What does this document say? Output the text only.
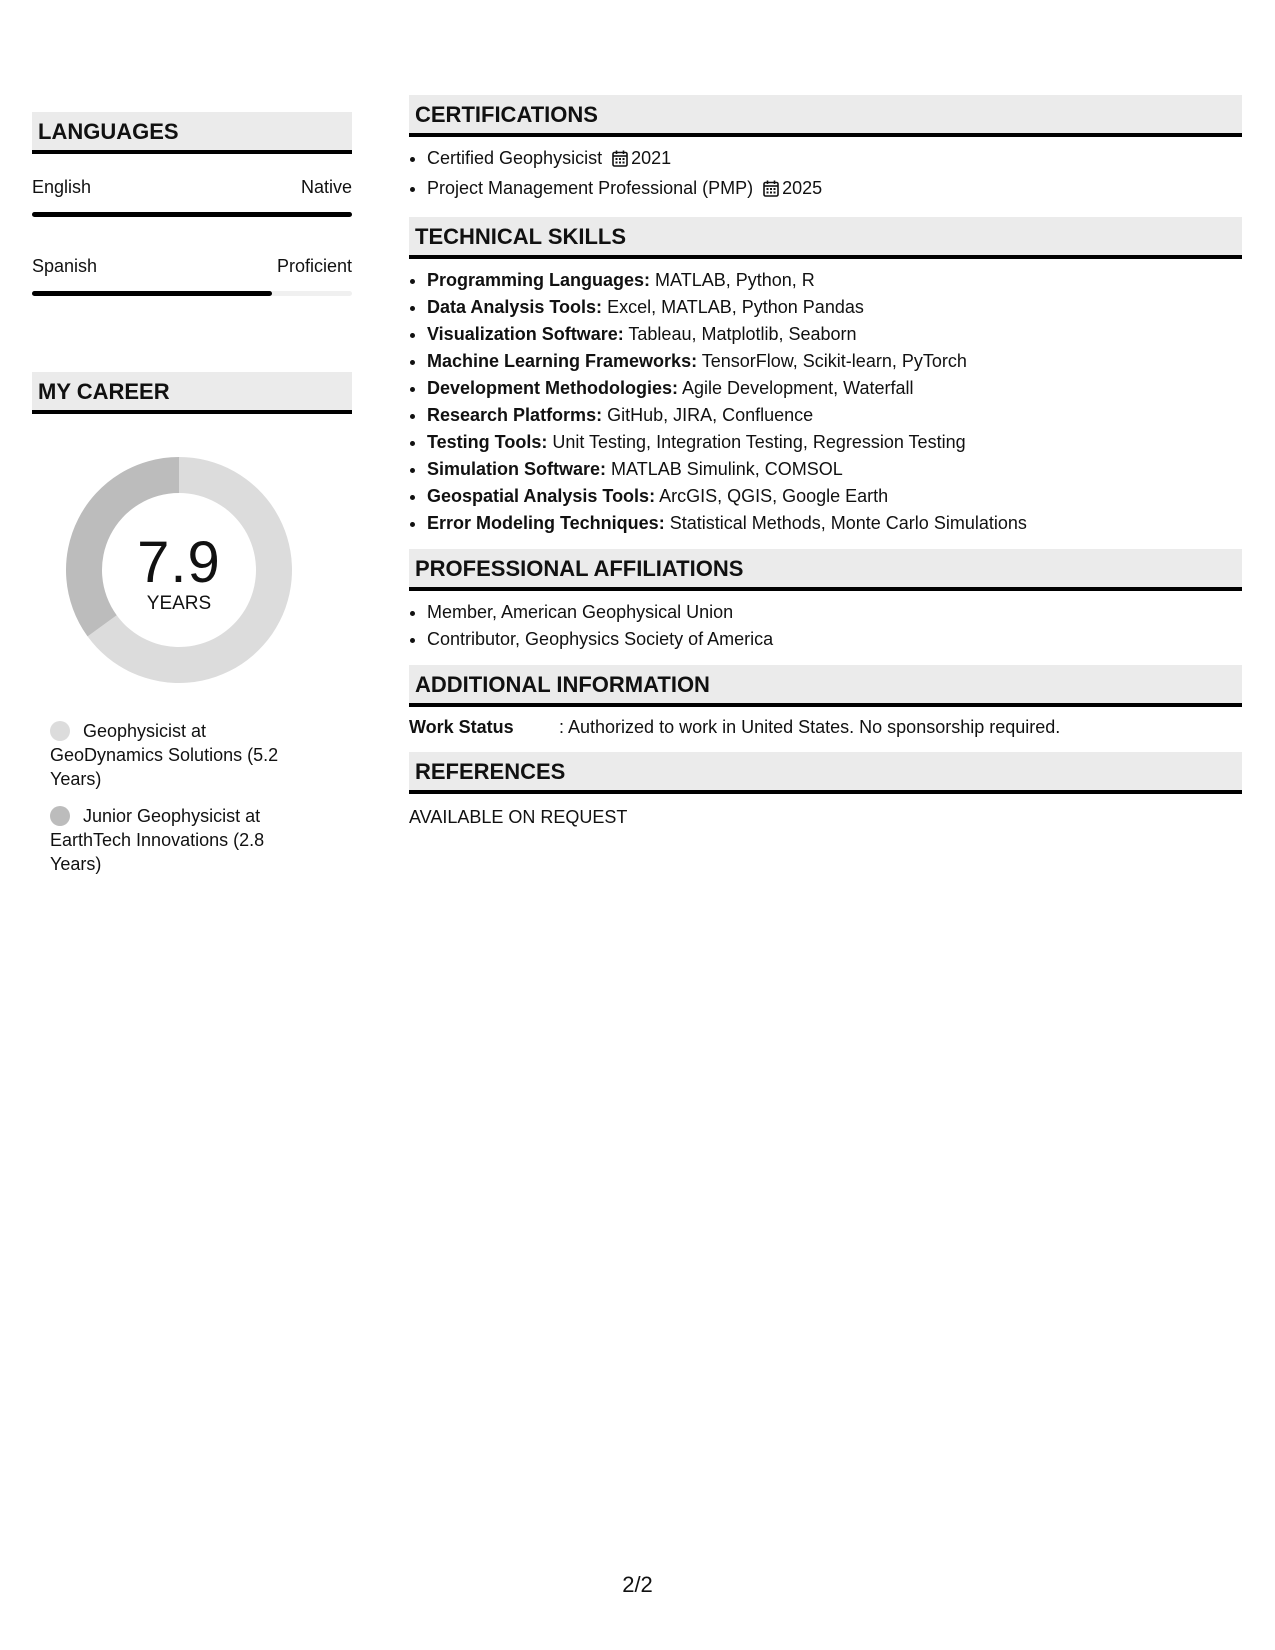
LANGUAGES
English	Native
Spanish	Proficient
MY CAREER
7.9
YEARS
Geophysicist at GeoDynamics Solutions (5.2 Years)
Junior Geophysicist at EarthTech Innovations (2.8 Years)
CERTIFICATIONS
• Certified Geophysicist 2021
• Project Management Professional (PMP) 2025
TECHNICAL SKILLS
• Programming Languages: MATLAB, Python, R
• Data Analysis Tools: Excel, MATLAB, Python Pandas
• Visualization Software: Tableau, Matplotlib, Seaborn
• Machine Learning Frameworks: TensorFlow, Scikit-learn, PyTorch
• Development Methodologies: Agile Development, Waterfall
• Research Platforms: GitHub, JIRA, Confluence
• Testing Tools: Unit Testing, Integration Testing, Regression Testing
• Simulation Software: MATLAB Simulink, COMSOL
• Geospatial Analysis Tools: ArcGIS, QGIS, Google Earth
• Error Modeling Techniques: Statistical Methods, Monte Carlo Simulations
PROFESSIONAL AFFILIATIONS
• Member, American Geophysical Union
• Contributor, Geophysics Society of America
ADDITIONAL INFORMATION
Work Status	: Authorized to work in United States. No sponsorship required.
REFERENCES
AVAILABLE ON REQUEST
2/2
